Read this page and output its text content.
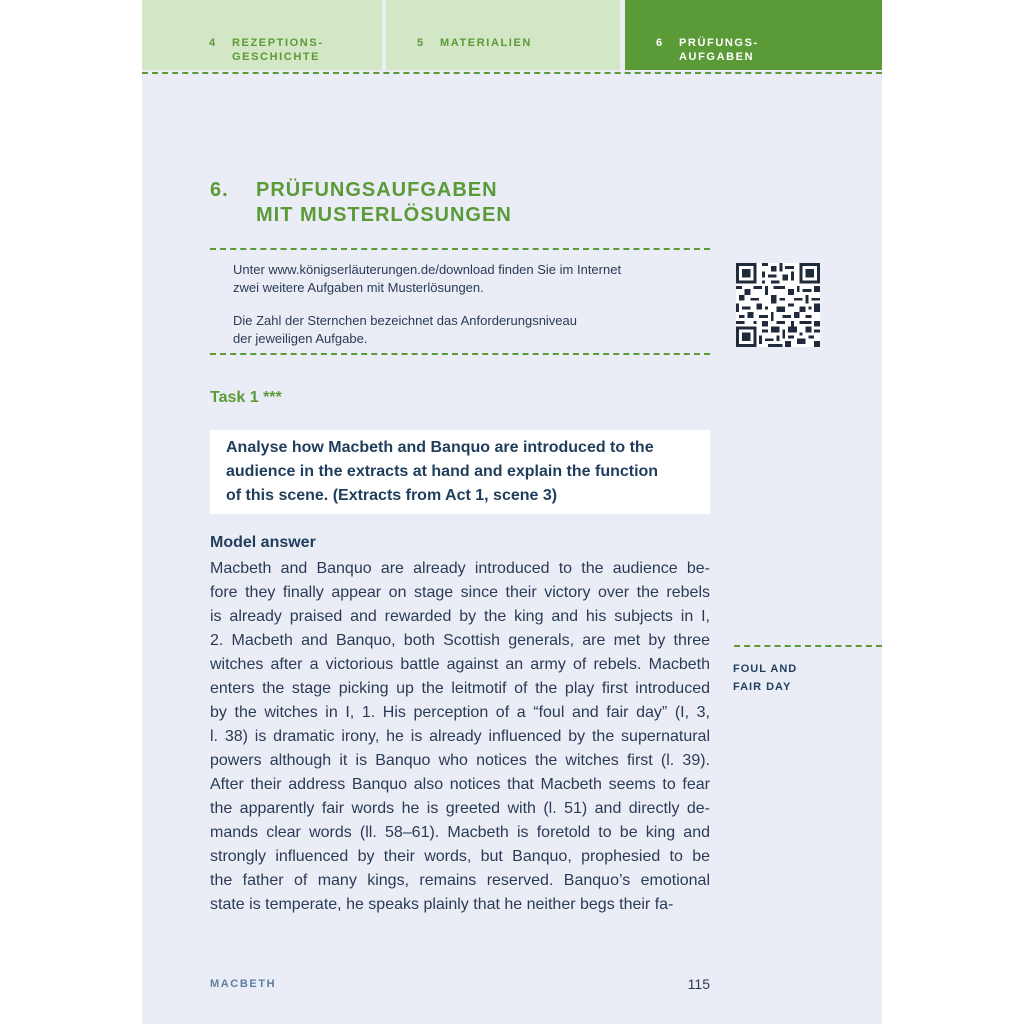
4 REZEPTIONS-
GESCHICHTE
5 MATERIALIEN	6 PRÜFUNGS-
AUFGABEN
6. PRÜFUNGSAUFGABEN
MIT MUSTERLÖSUNGEN
Unter www.königserläuterungen.de/download finden Sie im Internet
zwei weitere Aufgaben mit Musterlösungen.
Die Zahl der Sternchen bezeichnet das Anforderungsniveau
der jeweiligen Aufgabe.
Task 1 ***
Analyse how Macbeth and Banquo are introduced to the
audience in the extracts at hand and explain the function
of this scene. (Extracts from Act 1, scene 3)
Model answer
Macbeth and Banquo are already introduced to the audience be-
fore they finally appear on stage since their victory over the rebels
is already praised and rewarded by the king and his subjects in I,
2. Macbeth and Banquo, both Scottish generals, are met by three
witches after a victorious battle against an army of rebels. Macbeth
enters the stage picking up the leitmotif of the play first introduced
by the witches in I, 1. His perception of a “foul and fair day” (I, 3,
l. 38) is dramatic irony, he is already influenced by the supernatural
powers although it is Banquo who notices the witches first (l. 39).
After their address Banquo also notices that Macbeth seems to fear
the apparently fair words he is greeted with (l. 51) and directly de-
mands clear words (ll. 58–61). Macbeth is foretold to be king and
strongly influenced by their words, but Banquo, prophesied to be
the father of many kings, remains reserved. Banquo’s emotional
state is temperate, he speaks plainly that he neither begs their fa-
FOUL AND
FAIR DAY
MACBETH	115
